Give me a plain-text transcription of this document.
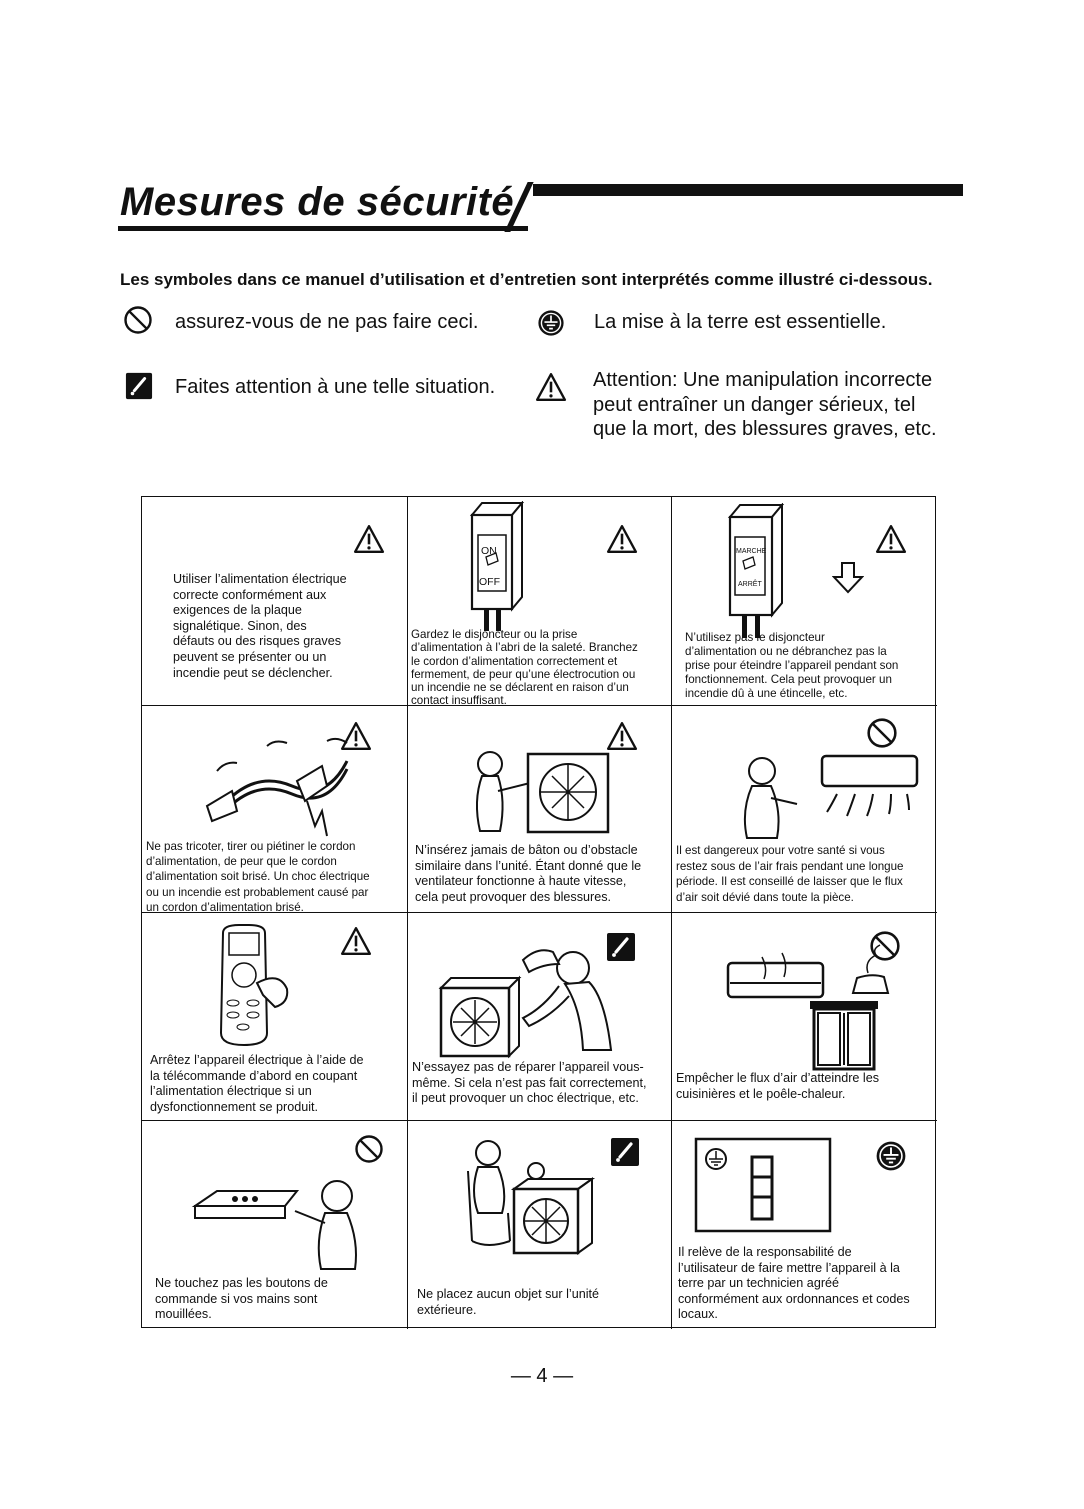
Mesures de sécurité
Les symboles dans ce manuel d’utilisation et d’entretien sont interprétés comme illustré ci-dessous.
assurez-vous de ne pas faire ceci.	La mise à la terre est essentielle.
Faites attention à une telle situation.	Attention: Une manipulation incorrecte
peut entraîner un danger sérieux, tel
que la mort, des blessures graves, etc.
Utiliser l’alimentation électrique
correcte conformément aux
exigences de la plaque
signalétique. Sinon, des
défauts ou des risques graves
peuvent se présenter ou un
incendie peut se déclencher.
ON
OFF
Gardez le disjoncteur ou la prise
d’alimentation à l’abri de la saleté. Branchez
le cordon d’alimentation correctement et
fermement, de peur qu’une électrocution ou
un incendie ne se déclarent en raison d’un
contact insuffisant.
MARCHE
ARRÊT
N’utilisez pas le disjoncteur
d’alimentation ou ne débranchez pas la
prise pour éteindre l’appareil pendant son
fonctionnement. Cela peut provoquer un
incendie dû à une étincelle, etc.
Ne pas tricoter, tirer ou piétiner le cordon
d’alimentation, de peur que le cordon
d’alimentation soit brisé. Un choc électrique
ou un incendie est probablement causé par
un cordon d’alimentation brisé.
N’insérez jamais de bâton ou d’obstacle
similaire dans l’unité. Étant donné que le
ventilateur fonctionne à haute vitesse,
cela peut provoquer des blessures.
Il est dangereux pour votre santé si vous
restez sous de l’air frais pendant une longue
période. Il est conseillé de laisser que le flux
d’air soit dévié dans toute la pièce.
Arrêtez l’appareil électrique à l’aide de
la télécommande d’abord en coupant
l’alimentation électrique si un
dysfonctionnement se produit.
N’essayez pas de réparer l’appareil vous-
même. Si cela n’est pas fait correctement,
il peut provoquer un choc électrique, etc.
Empêcher le flux d’air d’atteindre les
cuisinières et le poêle-chaleur.
Ne touchez pas les boutons de
commande si vos mains sont
mouillées.
Ne placez aucun objet sur l’unité
extérieure.
Il relève de la responsabilité de
l’utilisateur de faire mettre l’appareil à la
terre par un technicien agréé
conformément aux ordonnances et codes
locaux.
— 4 —
